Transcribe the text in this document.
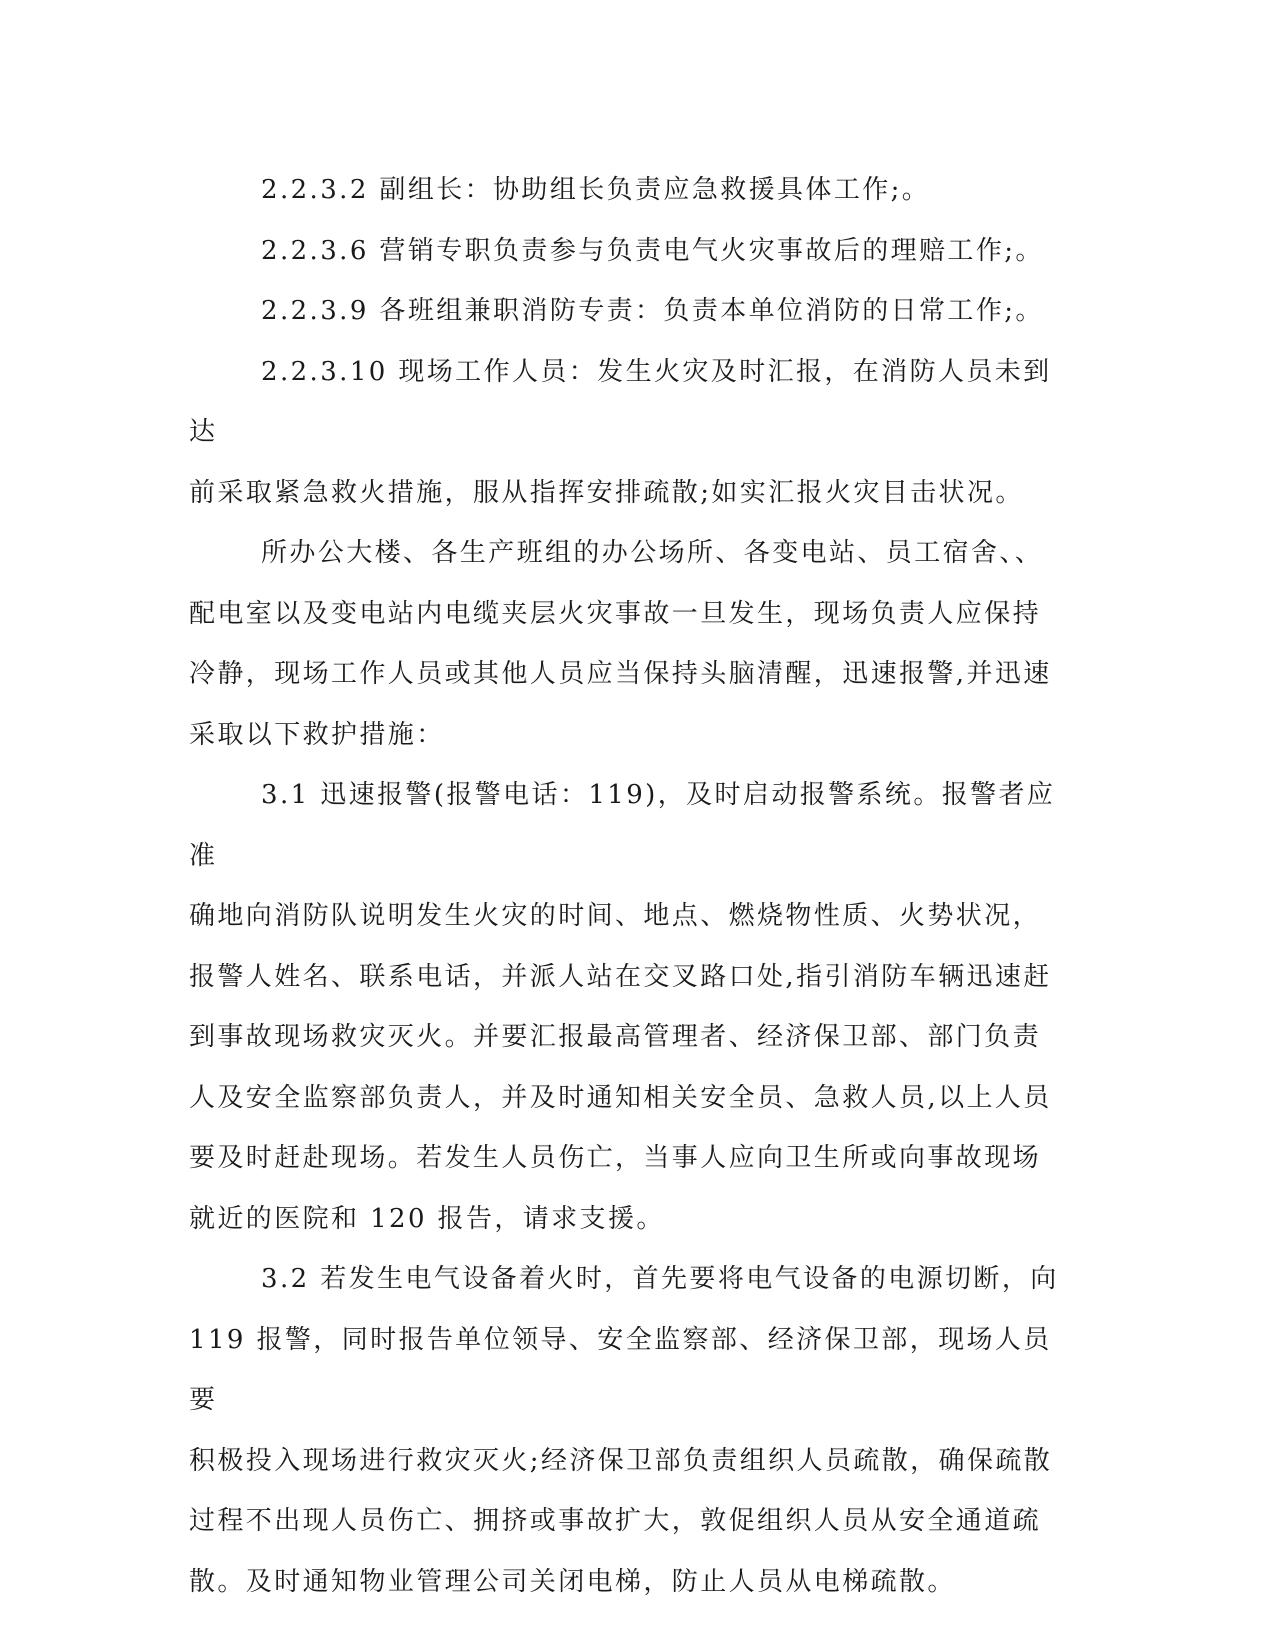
2.2.3.2 副组长：协助组长负责应急救援具体工作;。

2.2.3.6 营销专职负责参与负责电气火灾事故后的理赔工作;。

2.2.3.9 各班组兼职消防专责：负责本单位消防的日常工作;。

2.2.3.10 现场工作人员：发生火灾及时汇报，在消防人员未到达
前采取紧急救火措施，服从指挥安排疏散;如实汇报火灾目击状况。

所办公大楼、各生产班组的办公场所、各变电站、员工宿舍、、
配电室以及变电站内电缆夹层火灾事故一旦发生，现场负责人应保持
冷静，现场工作人员或其他人员应当保持头脑清醒，迅速报警,并迅速
采取以下救护措施：

3.1 迅速报警(报警电话：119)，及时启动报警系统。报警者应准
确地向消防队说明发生火灾的时间、地点、燃烧物性质、火势状况，
报警人姓名、联系电话，并派人站在交叉路口处,指引消防车辆迅速赶
到事故现场救灾灭火。并要汇报最高管理者、经济保卫部、部门负责
人及安全监察部负责人，并及时通知相关安全员、急救人员,以上人员
要及时赶赴现场。若发生人员伤亡，当事人应向卫生所或向事故现场
就近的医院和 120 报告，请求支援。

3.2 若发生电气设备着火时，首先要将电气设备的电源切断，向
119 报警，同时报告单位领导、安全监察部、经济保卫部，现场人员要
积极投入现场进行救灾灭火;经济保卫部负责组织人员疏散，确保疏散
过程不出现人员伤亡、拥挤或事故扩大，敦促组织人员从安全通道疏
散。及时通知物业管理公司关闭电梯，防止人员从电梯疏散。
